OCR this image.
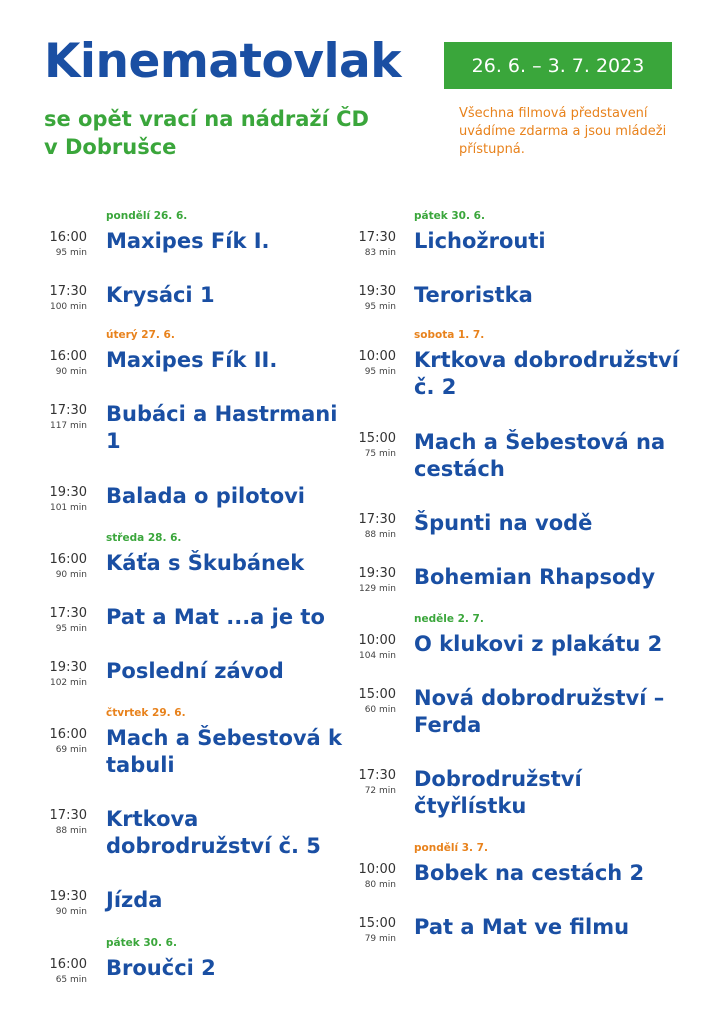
Kinematovlak
se opět vrací na nádraží ČD
v Dobrušce
26. 6. – 3. 7. 2023
Všechna filmová představení uvádíme zdarma a jsou mládeži přístupná.
pondělí 26. 6.
16:00
95 min Maxipes Fík I.
17:30
100 min Krysáci 1
úterý 27. 6.
16:00
90 min Maxipes Fík II.
17:30
117 min Bubáci a Hastrmani 1
19:30
101 min Balada o pilotovi
středa 28. 6.
16:00
90 min Káťa s Škubánek
17:30
95 min Pat a Mat ...a je to
19:30
102 min Poslední závod
čtvrtek 29. 6.
16:00
69 min Mach a Šebestová k tabuli
17:30
88 min Krtkova dobrodružství č. 5
19:30
90 min Jízda
pátek 30. 6.
16:00
65 min Broučci 2
pátek 30. 6.
17:30
83 min Lichožrouti
19:30
95 min Teroristka
sobota 1. 7.
10:00
95 min Krtkova dobrodružství č. 2
15:00
75 min Mach a Šebestová na cestách
17:30
88 min Špunti na vodě
19:30
129 min Bohemian Rhapsody
neděle 2. 7.
10:00
104 min O klukovi z plakátu 2
15:00
60 min Nová dobrodružství – Ferda
17:30
72 min Dobrodružství čtyřlístku
pondělí 3. 7.
10:00
80 min Bobek na cestách 2
15:00
79 min Pat a Mat ve filmu
